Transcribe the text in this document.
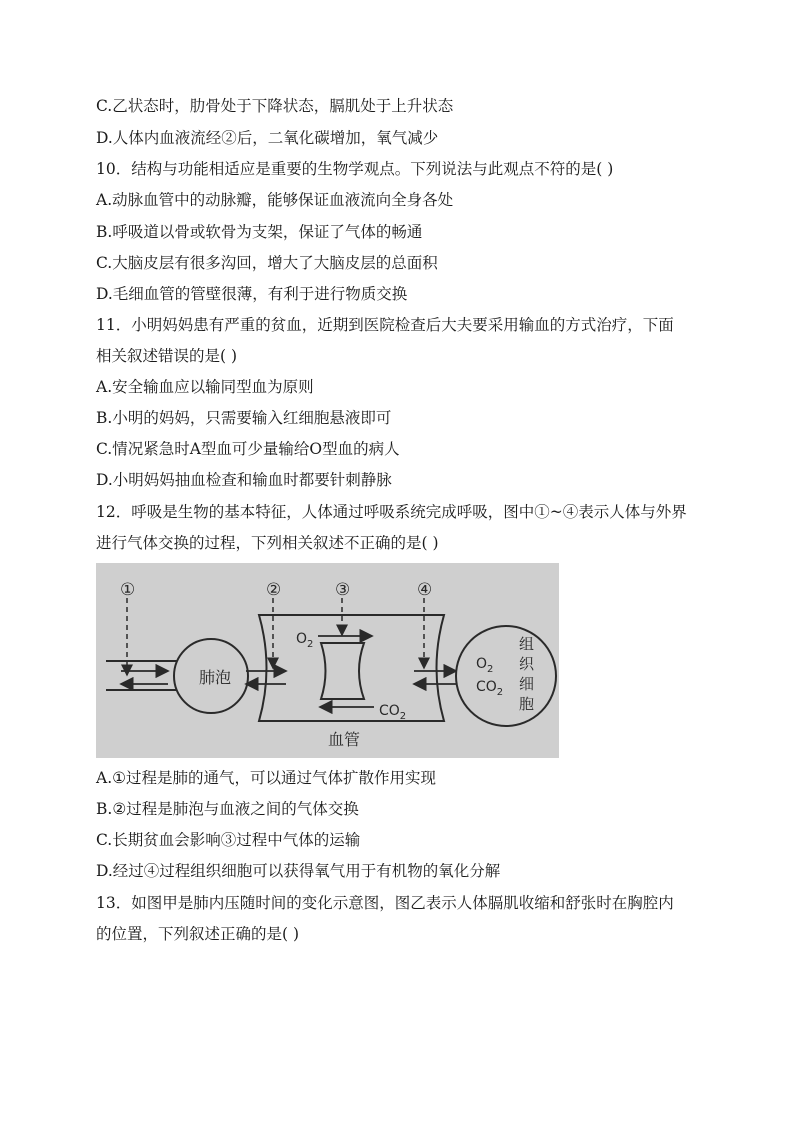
C.乙状态时，肋骨处于下降状态，膈肌处于上升状态
D.人体内血液流经②后，二氧化碳增加，氧气减少
10．结构与功能相适应是重要的生物学观点。下列说法与此观点不符的是( )
A.动脉血管中的动脉瓣，能够保证血液流向全身各处
B.呼吸道以骨或软骨为支架，保证了气体的畅通
C.大脑皮层有很多沟回，增大了大脑皮层的总面积
D.毛细血管的管壁很薄，有利于进行物质交换
11．小明妈妈患有严重的贫血，近期到医院检查后大夫要采用输血的方式治疗，下面
相关叙述错误的是( )
A.安全输血应以输同型血为原则
B.小明的妈妈，只需要输入红细胞悬液即可
C.情况紧急时A型血可少量输给O型血的病人
D.小明妈妈抽血检查和输血时都要针刺静脉
12．呼吸是生物的基本特征，人体通过呼吸系统完成呼吸，图中①~④表示人体与外界
进行气体交换的过程，下列相关叙述不正确的是( )
①	②	③	④
肺泡
血管
$O_2$
$CO_2$
$O_2$
$CO_2$
组
织
细
胞
A.①过程是肺的通气，可以通过气体扩散作用实现
B.②过程是肺泡与血液之间的气体交换
C.长期贫血会影响③过程中气体的运输
D.经过④过程组织细胞可以获得氧气用于有机物的氧化分解
13．如图甲是肺内压随时间的变化示意图，图乙表示人体膈肌收缩和舒张时在胸腔内
的位置，下列叙述正确的是( )
